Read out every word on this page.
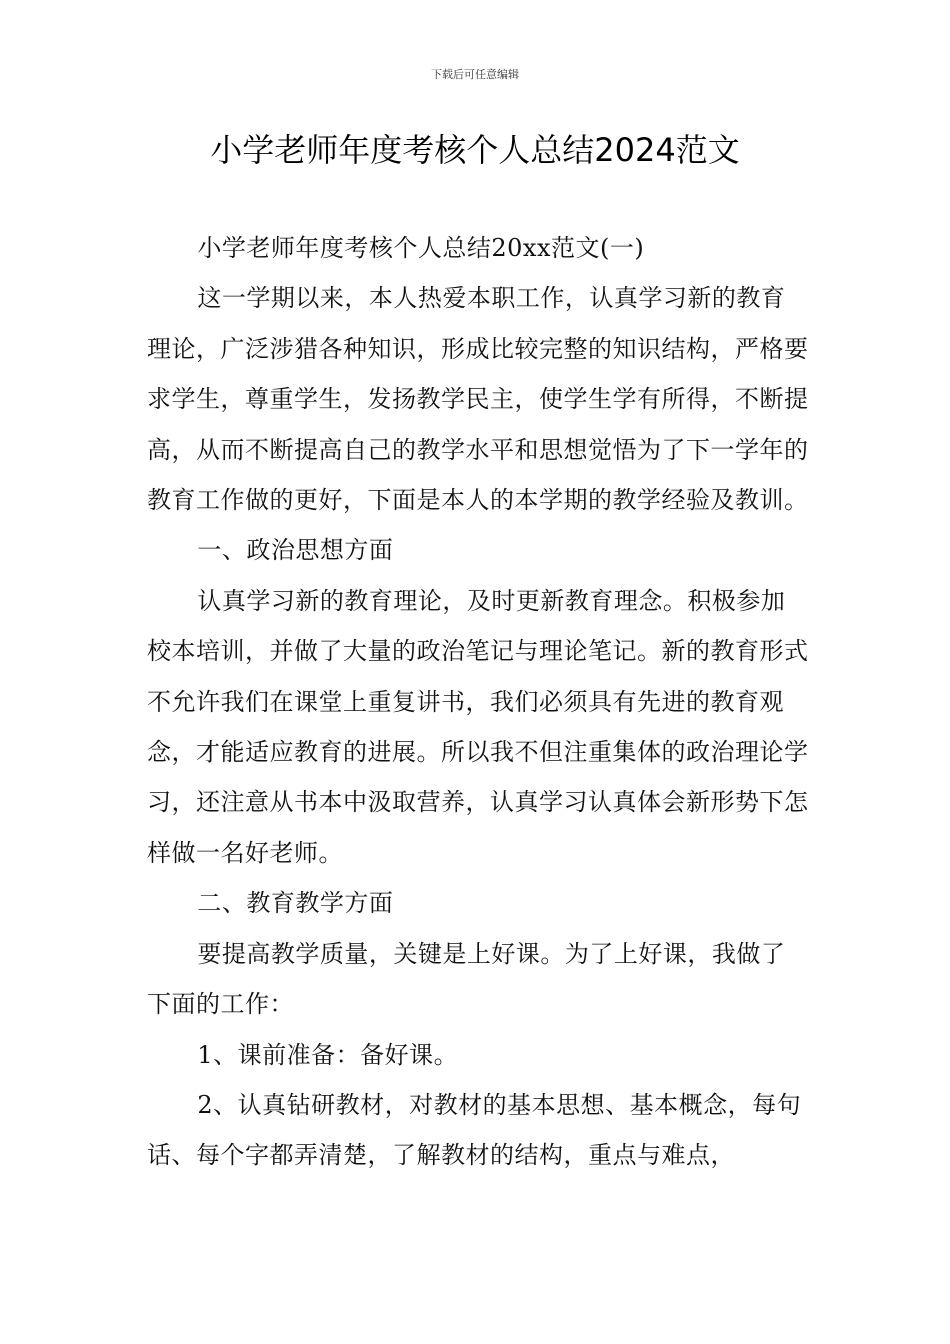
下载后可任意编辑
小学老师年度考核个人总结2024范文

小学老师年度考核个人总结20xx范文(一)

这一学期以来，本人热爱本职工作，认真学习新的教育理论，广泛涉猎各种知识，形成比较完整的知识结构，严格要求学生，尊重学生，发扬教学民主，使学生学有所得，不断提高，从而不断提高自己的教学水平和思想觉悟为了下一学年的教育工作做的更好，下面是本人的本学期的教学经验及教训。

一、政治思想方面

认真学习新的教育理论，及时更新教育理念。积极参加校本培训，并做了大量的政治笔记与理论笔记。新的教育形式不允许我们在课堂上重复讲书，我们必须具有先进的教育观念，才能适应教育的进展。所以我不但注重集体的政治理论学习，还注意从书本中汲取营养，认真学习认真体会新形势下怎样做一名好老师。

二、教育教学方面

要提高教学质量，关键是上好课。为了上好课，我做了下面的工作：

1、课前准备：备好课。

2、认真钻研教材，对教材的基本思想、基本概念，每句话、每个字都弄清楚，了解教材的结构，重点与难点，
